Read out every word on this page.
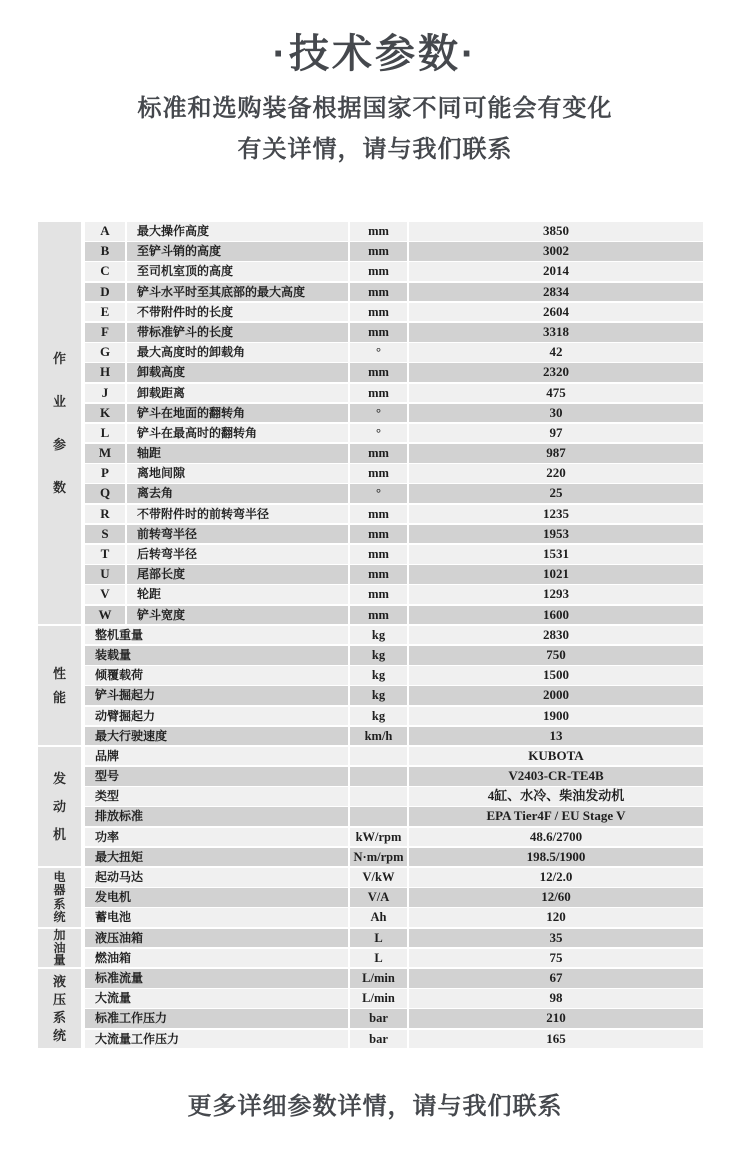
·技术参数·

标准和选购装备根据国家不同可能会有变化

有关详情，请与我们联系

作
业
参
数
A	最大操作高度	mm	3850
B	至铲斗销的高度	mm	3002
C	至司机室顶的高度	mm	2014
D	铲斗水平时至其底部的最大高度	mm	2834
E	不带附件时的长度	mm	2604
F	带标准铲斗的长度	mm	3318
G	最大高度时的卸载角	°	42
H	卸载高度	mm	2320
J	卸载距离	mm	475
K	铲斗在地面的翻转角	°	30
L	铲斗在最高时的翻转角	°	97
M	轴距	mm	987
P	离地间隙	mm	220
Q	离去角	°	25
R	不带附件时的前转弯半径	mm	1235
S	前转弯半径	mm	1953
T	后转弯半径	mm	1531
U	尾部长度	mm	1021
V	轮距	mm	1293
W	铲斗宽度	mm	1600
性
能
整机重量	kg	2830
装载量	kg	750
倾覆载荷	kg	1500
铲斗掘起力	kg	2000
动臂掘起力	kg	1900
最大行驶速度	km/h	13
发
动
机
品牌	KUBOTA
型号	V2403-CR-TE4B
类型	4缸、水冷、柴油发动机
排放标准	EPA Tier4F / EU Stage V
功率	kW/rpm	48.6/2700
最大扭矩	N·m/rpm	198.5/1900
电
器
系
统
起动马达	V/kW	12/2.0
发电机	V/A	12/60
蓄电池	Ah	120
加
油
量
液压油箱	L	35
燃油箱	L	75
液
压
系
统
标准流量	L/min	67
大流量	L/min	98
标准工作压力	bar	210
大流量工作压力	bar	165

更多详细参数详情，请与我们联系
